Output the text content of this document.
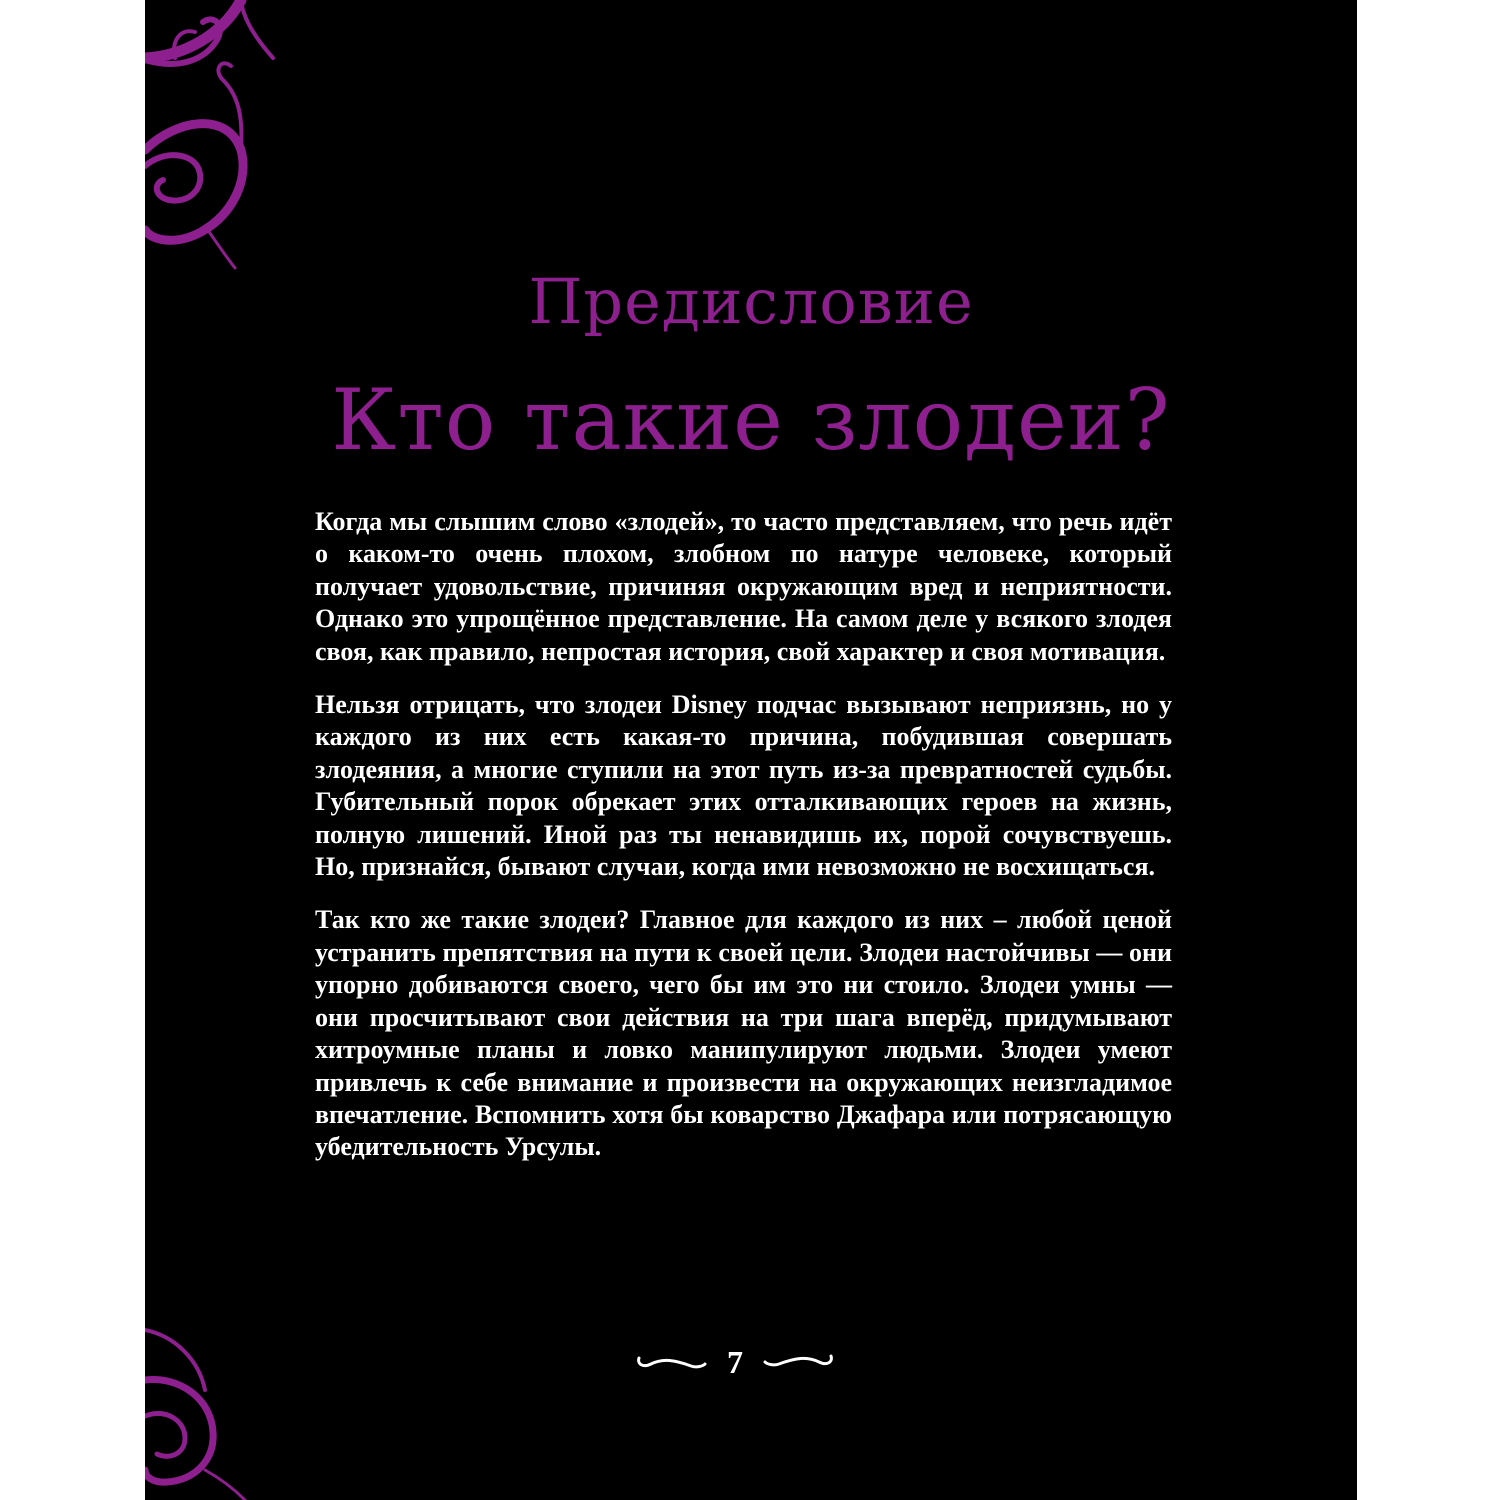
Предисловие
Кто такие злодеи?

Когда мы слышим слово «злодей», то часто представляем, что речь идёт о каком-то очень плохом, злобном по натуре человеке, который получает удовольствие, причиняя окружающим вред и неприятности. Однако это упрощённое представление. На самом деле у всякого злодея своя, как правило, непростая история, свой характер и своя мотивация.

Нельзя отрицать, что злодеи Disney подчас вызывают неприязнь, но у каждого из них есть какая-то причина, побудившая совершать злодеяния, а многие ступили на этот путь из-за превратностей судьбы. Губительный порок обрекает этих отталкивающих героев на жизнь, полную лишений. Иной раз ты ненавидишь их, порой сочувствуешь. Но, признайся, бывают случаи, когда ими невозможно не восхищаться.

Так кто же такие злодеи? Главное для каждого из них – любой ценой устранить препятствия на пути к своей цели. Злодеи настойчивы — они упорно добиваются своего, чего бы им это ни стоило. Злодеи умны — они просчитывают свои действия на три шага вперёд, придумывают хитроумные планы и ловко манипулируют людьми. Злодеи умеют привлечь к себе внимание и произвести на окружающих неизгладимое впечатление. Вспомнить хотя бы коварство Джафара или потрясающую убедительность Урсулы.

7
